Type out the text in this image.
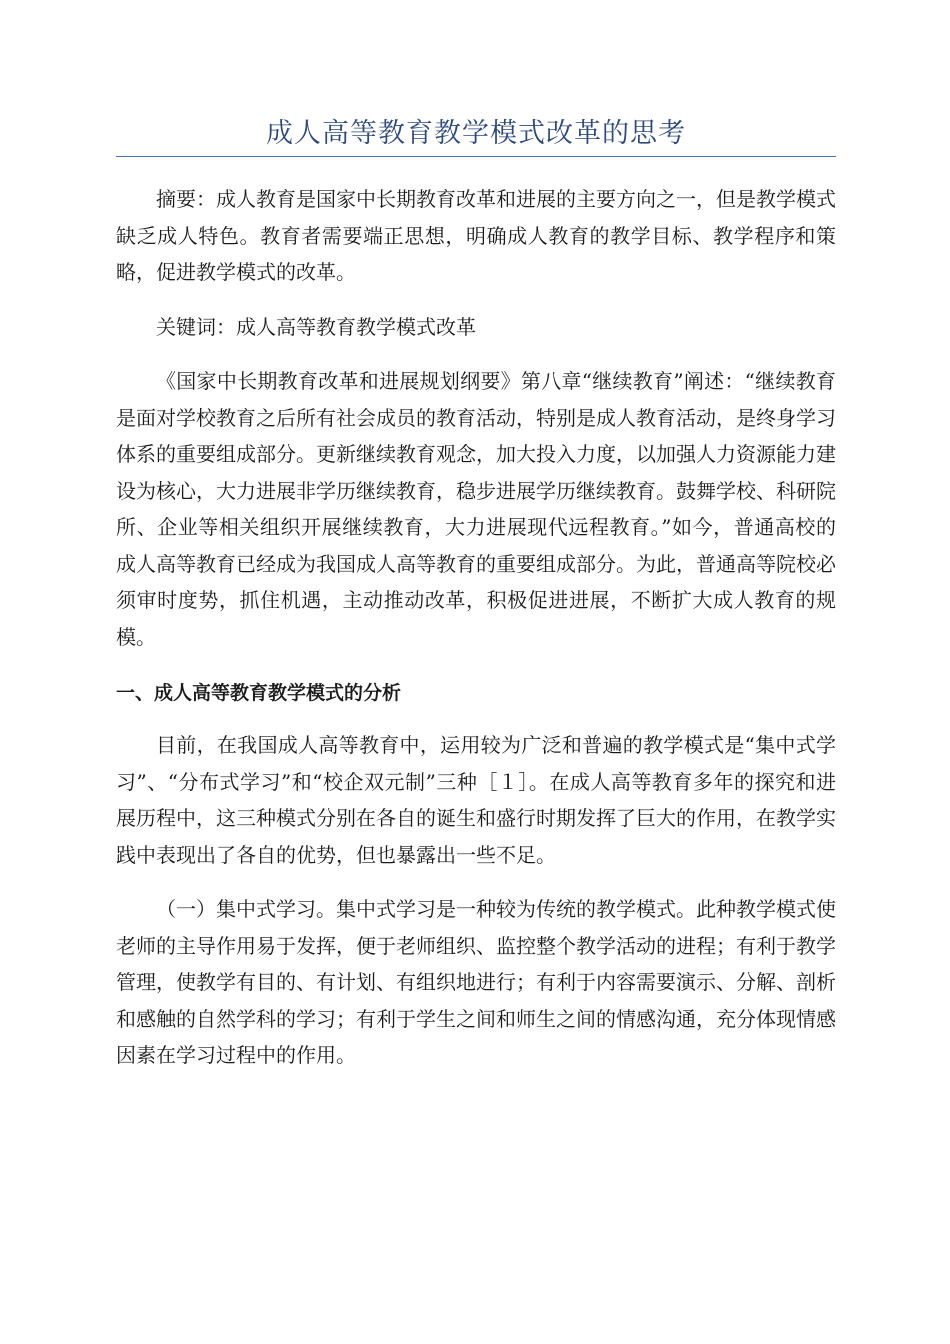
成人高等教育教学模式改革的思考

摘要：成人教育是国家中长期教育改革和进展的主要方向之一，但是教学模式缺乏成人特色。教育者需要端正思想，明确成人教育的教学目标、教学程序和策略，促进教学模式的改革。

关键词：成人高等教育教学模式改革

《国家中长期教育改革和进展规划纲要》第八章“继续教育”阐述：“继续教育是面对学校教育之后所有社会成员的教育活动，特别是成人教育活动，是终身学习体系的重要组成部分。更新继续教育观念，加大投入力度，以加强人力资源能力建设为核心，大力进展非学历继续教育，稳步进展学历继续教育。鼓舞学校、科研院所、企业等相关组织开展继续教育，大力进展现代远程教育。”如今，普通高校的成人高等教育已经成为我国成人高等教育的重要组成部分。为此，普通高等院校必须审时度势，抓住机遇，主动推动改革，积极促进进展，不断扩大成人教育的规模。

一、成人高等教育教学模式的分析

目前，在我国成人高等教育中，运用较为广泛和普遍的教学模式是“集中式学习”、“分布式学习”和“校企双元制”三种［１］。在成人高等教育多年的探究和进展历程中，这三种模式分别在各自的诞生和盛行时期发挥了巨大的作用，在教学实践中表现出了各自的优势，但也暴露出一些不足。

（一）集中式学习。集中式学习是一种较为传统的教学模式。此种教学模式使老师的主导作用易于发挥，便于老师组织、监控整个教学活动的进程；有利于教学管理，使教学有目的、有计划、有组织地进行；有利于内容需要演示、分解、剖析和感触的自然学科的学习；有利于学生之间和师生之间的情感沟通，充分体现情感因素在学习过程中的作用。
